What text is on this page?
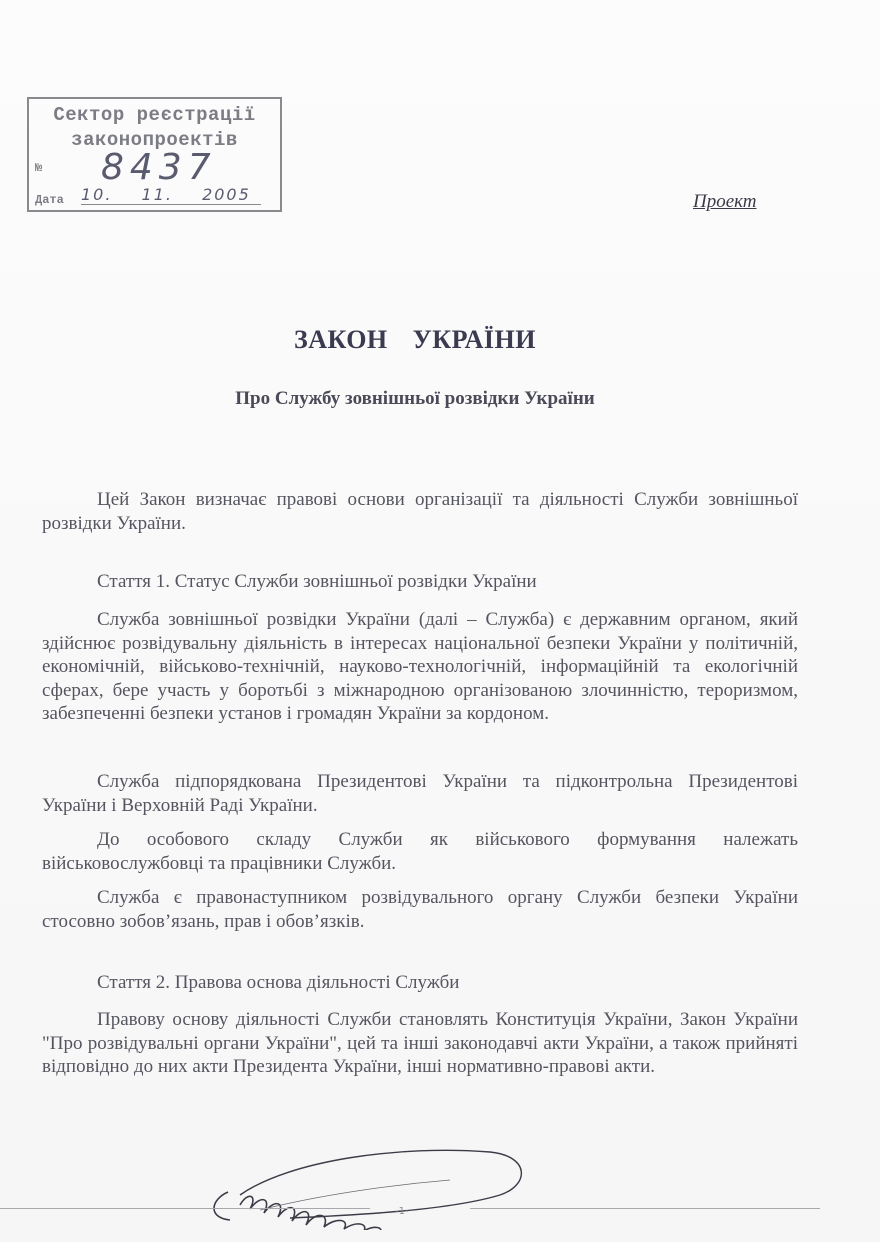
Сектор реєстрації
законопроектів
№ 8437
Дата 10. 11. 2005	Проект
ЗАКОН УКРАЇНИ
Про Службу зовнішньої розвідки України

Цей Закон визначає правові основи організації та діяльності Служби зовнішньої розвідки України.

Стаття 1. Статус Служби зовнішньої розвідки України

Служба зовнішньої розвідки України (далі – Служба) є державним органом, який здійснює розвідувальну діяльність в інтересах національної безпеки України у політичній, економічній, військово-технічній, науково-технологічній, інформаційній та екологічній сферах, бере участь у боротьбі з міжнародною організованою злочинністю, тероризмом, забезпеченні безпеки установ і громадян України за кордоном.

Служба підпорядкована Президентові України та підконтрольна Президентові України і Верховній Раді України.

До особового складу Служби як військового формування належать військовослужбовці та працівники Служби.

Служба є правонаступником розвідувального органу Служби безпеки України стосовно зобов’язань, прав і обов’язків.

Стаття 2. Правова основа діяльності Служби

Правову основу діяльності Служби становлять Конституція України, Закон України "Про розвідувальні органи України", цей та інші законодавчі акти України, а також прийняті відповідно до них акти Президента України, інші нормативно-правові акти.

-1-
